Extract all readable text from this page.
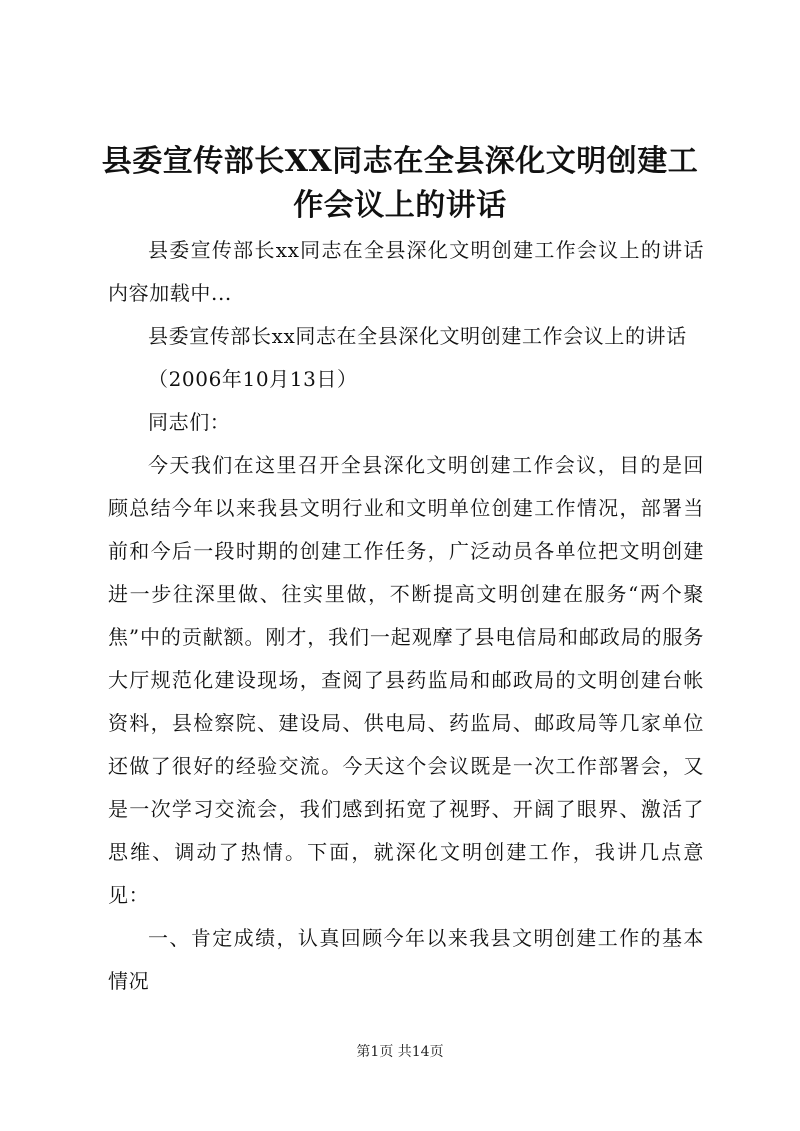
县委宣传部长XX同志在全县深化文明创建工
作会议上的讲话

县委宣传部长xx同志在全县深化文明创建工作会议上的讲话内容加载中...

县委宣传部长xx同志在全县深化文明创建工作会议上的讲话

（2006年10月13日）

同志们：

今天我们在这里召开全县深化文明创建工作会议，目的是回顾总结今年以来我县文明行业和文明单位创建工作情况，部署当前和今后一段时期的创建工作任务，广泛动员各单位把文明创建进一步往深里做、往实里做，不断提高文明创建在服务“两个聚焦”中的贡献额。刚才，我们一起观摩了县电信局和邮政局的服务大厅规范化建设现场，查阅了县药监局和邮政局的文明创建台帐资料，县检察院、建设局、供电局、药监局、邮政局等几家单位还做了很好的经验交流。今天这个会议既是一次工作部署会，又是一次学习交流会，我们感到拓宽了视野、开阔了眼界、激活了思维、调动了热情。下面，就深化文明创建工作，我讲几点意见：

一、肯定成绩，认真回顾今年以来我县文明创建工作的基本情况

第1页 共14页
